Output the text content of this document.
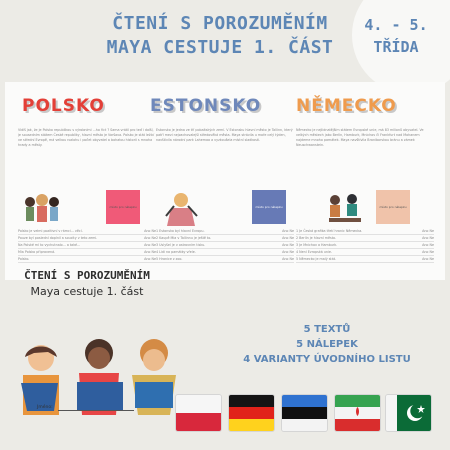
ČTENÍ S POROZUMĚNÍM
MAYA CESTUJE 1. ČÁST
4. - 5.
TŘÍDA
POLSKO	ESTONSKO NĚMECKO
Vidíš jak, že je Polsko republikou s výrobními ...ho říct ? Sama vrátil pro teď i další, je sousedním státem České republiky, hlavní město je Varšava. Polsko je stát ležící ve střední Evropě, má velkou rozlohu i počet obyvatel a bohatou historii s mnoha hrady a městy.
Polsko je velmi pozitivní v rámci... věcí.	Ano Ne
Pouze byl poslední doplnil a soucity v teto zemi.	Ano Ne
Na Polské mí to vychutnalo... a také...	Ano Ne
Mia Polsko připravená.	Ano Ne
Polsko.	Ano Ne
Estonsko je jedna ze tří pobaltských zemí. V Estonsku hlavní město je Tallinn, který patří mezi nejzachovalejší středověká města. Maya strávila u moře celý týden, navštívila národní park Lahemaa a vyzkoušela místní sladkosti.
1 Estonsko byl hlavní Evropu.	Ano Ne
2 Kaupě Mia v Tallinnu je ještě to.	Ano Ne
3 Uslyšel je v ostrovním tisku.	Ano Ne
4 Lidi na památky vřele.	Ano Ne
5 Hranice z zoo.	Ano Ne
Německo je nejlidnatějším státem Evropské unie, má 83 milionů obyvatel. Ve velkých městech jako Berlín, Hamburk, Mnichov či Frankfurt nad Mohanem najdeme mnoho památek. Maya navštívila Braniborskou bránu a zámek Neuschwanstein.
1 Je Česká grafika třetí hranic Německa.	Ano Ne
2 Berlín je hlavní město.	Ano Ne
3 Je Mnichov a Hamburk.	Ano Ne
4 Není Evropská unie.	Ano Ne
5 Německo je malý stát.	Ano Ne
místo pro nálepku	místo pro nálepku	místo pro nálepku
ČTENÍ S POROZUMĚNÍM
Maya cestuje 1. část
5 TEXTŮ
5 NÁLEPEK
4 VARIANTY ÚVODNÍHO LISTU
Jméno:
